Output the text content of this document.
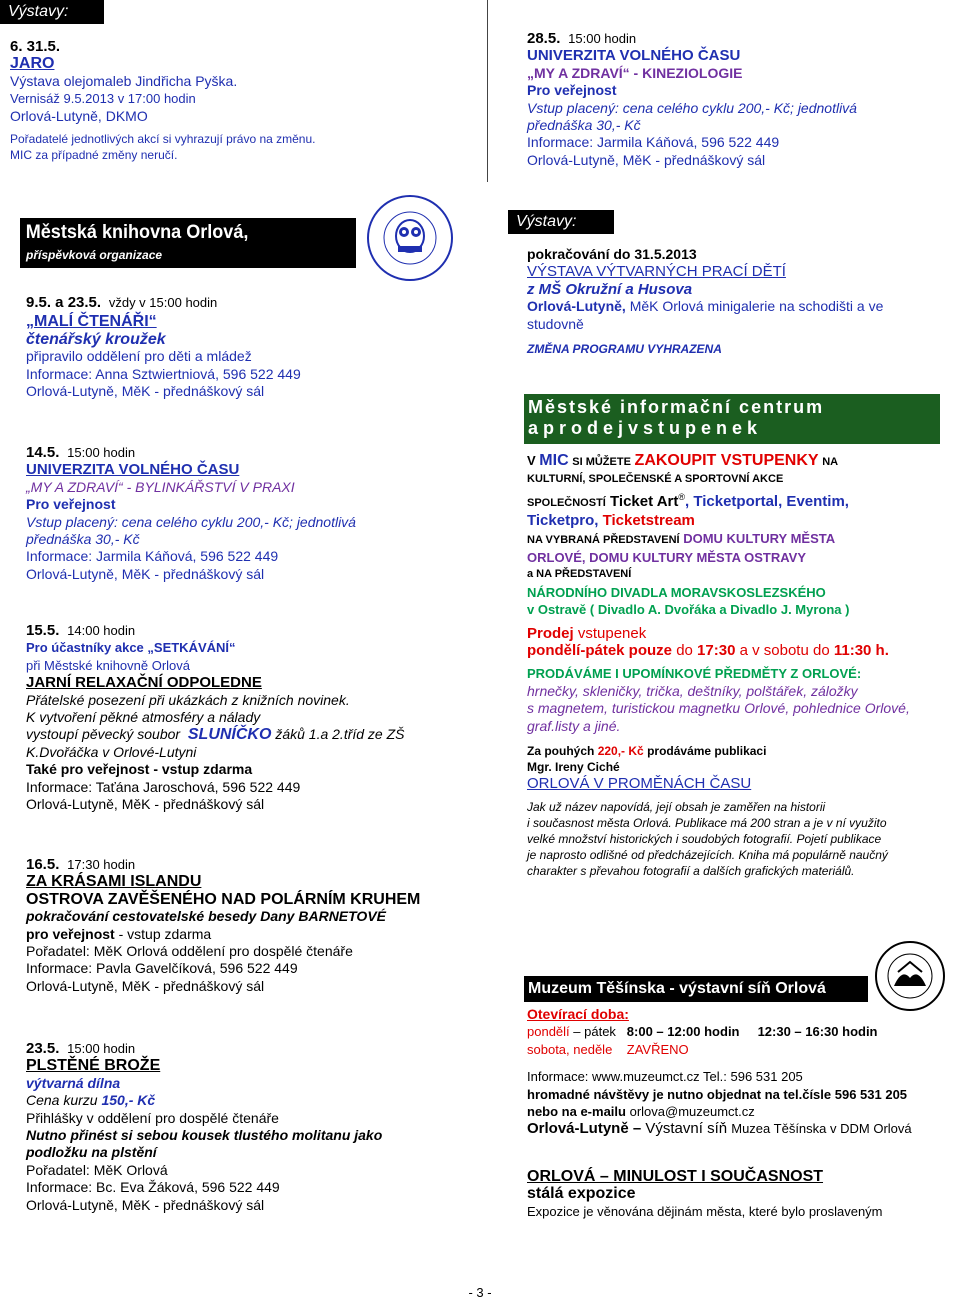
Výstavy:
6. 31.5.
JARO
Výstava olejomaleb Jindřicha Pyška.
Vernisáž 9.5.2013 v 17:00 hodin
Orlová-Lutyně, DKMO
Pořadatelé jednotlivých akcí si vyhrazují právo na změnu.
MIC za případné změny neručí.
28.5. 15:00 hodin
UNIVERZITA VOLNÉHO ČASU
„MY A ZDRAVÍ“ - KINEZIOLOGIE
Pro veřejnost
Vstup placený: cena celého cyklu 200,- Kč; jednotlivá
přednáška 30,- Kč
Informace: Jarmila Káňová, 596 522 449
Orlová-Lutyně, MěK - přednáškový sál
Městská knihovna Orlová,
příspěvková organizace
9.5. a 23.5. vždy v 15:00 hodin
„MALÍ ČTENÁŘI“
čtenářský kroužek
připravilo oddělení pro děti a mládež
Informace: Anna Sztwiertniová, 596 522 449
Orlová-Lutyně, MěK - přednáškový sál
14.5. 15:00 hodin
UNIVERZITA VOLNÉHO ČASU
„MY A ZDRAVÍ“ - BYLINKÁŘSTVÍ V PRAXI
Pro veřejnost
Vstup placený: cena celého cyklu 200,- Kč; jednotlivá
přednáška 30,- Kč
Informace: Jarmila Káňová, 596 522 449
Orlová-Lutyně, MěK - přednáškový sál
15.5. 14:00 hodin
Pro účastníky akce „SETKÁVÁNÍ“
při Městské knihovně Orlová
JARNÍ RELAXAČNÍ ODPOLEDNE
Přátelské posezení při ukázkách z knižních novinek.
K vytvoření pěkné atmosféry a nálady
vystoupí pěvecký soubor SLUNÍČKO žáků 1.a 2.tříd ze ZŠ
K.Dvořáčka v Orlové-Lutyni
Také pro veřejnost - vstup zdarma
Informace: Taťána Jaroschová, 596 522 449
Orlová-Lutyně, MěK - přednáškový sál
16.5. 17:30 hodin
ZA KRÁSAMI ISLANDU
OSTROVA ZAVĚŠENÉHO NAD POLÁRNÍM KRUHEM
pokračování cestovatelské besedy Dany BARNETOVÉ
pro veřejnost - vstup zdarma
Pořadatel: MěK Orlová oddělení pro dospělé čtenáře
Informace: Pavla Gavelčíková, 596 522 449
Orlová-Lutyně, MěK - přednáškový sál
23.5. 15:00 hodin
PLSTĚNÉ BROŽE
výtvarná dílna
Cena kurzu 150,- Kč
Přihlášky v oddělení pro dospělé čtenáře
Nutno přinést si sebou kousek tlustého molitanu jako
podložku na plstění
Pořadatel: MěK Orlová
Informace: Bc. Eva Žáková, 596 522 449
Orlová-Lutyně, MěK - přednáškový sál
Výstavy:
pokračování do 31.5.2013
VÝSTAVA VÝTVARNÝCH PRACÍ DĚTÍ
z MŠ Okružní a Husova
Orlová-Lutyně, MěK Orlová minigalerie na schodišti a ve
studovně
ZMĚNA PROGRAMU VYHRAZENA
Městské informační centrum
a p r o d e j v s t u p e n e k
V MIC SI MŮŽETE ZAKOUPIT VSTUPENKY NA
KULTURNÍ, SPOLEČENSKÉ A SPORTOVNÍ AKCE
SPOLEČNOSTÍ Ticket Art®, Ticketportal, Eventim,
Ticketpro, Ticketstream
NA VYBRANÁ PŘEDSTAVENÍ DOMU KULTURY MĚSTA
ORLOVÉ, DOMU KULTURY MĚSTA OSTRAVY
a NA PŘEDSTAVENÍ
NÁRODNÍHO DIVADLA MORAVSKOSLEZSKÉHO
v Ostravě ( Divadlo A. Dvořáka a Divadlo J. Myrona )
Prodej vstupenek
pondělí-pátek pouze do 17:30 a v sobotu do 11:30 h.
PRODÁVÁME I UPOMÍNKOVÉ PŘEDMĚTY Z ORLOVÉ:
hrnečky, skleničky, trička, deštníky, polštářek, záložky
s magnetem, turistickou magnetku Orlové, pohlednice Orlové,
graf.listy a jiné.
Za pouhých 220,- Kč prodáváme publikaci
Mgr. Ireny Ciché
ORLOVÁ V PROMĚNÁCH ČASU
Jak už název napovídá, její obsah je zaměřen na historii
i současnost města Orlová. Publikace má 200 stran a je v ní využito
velké množství historických i soudobých fotografií. Pojetí publikace
je naprosto odlišné od předcházejících. Kniha má populárně naučný
charakter s převahou fotografií a dalších grafických materiálů.
Muzeum Těšínska - výstavní síň Orlová
Otevírací doba:
pondělí – pátek 8:00 – 12:00 hodin 12:30 – 16:30 hodin
sobota, neděle ZAVŘENO
Informace: www.muzeumct.cz Tel.: 596 531 205
hromadné návštěvy je nutno objednat na tel.čísle 596 531 205
nebo na e-mailu orlova@muzeumct.cz
Orlová-Lutyně – Výstavní síň Muzea Těšínska v DDM Orlová
ORLOVÁ – MINULOST I SOUČASNOST
stálá expozice
Expozice je věnována dějinám města, které bylo proslaveným
- 3 -
